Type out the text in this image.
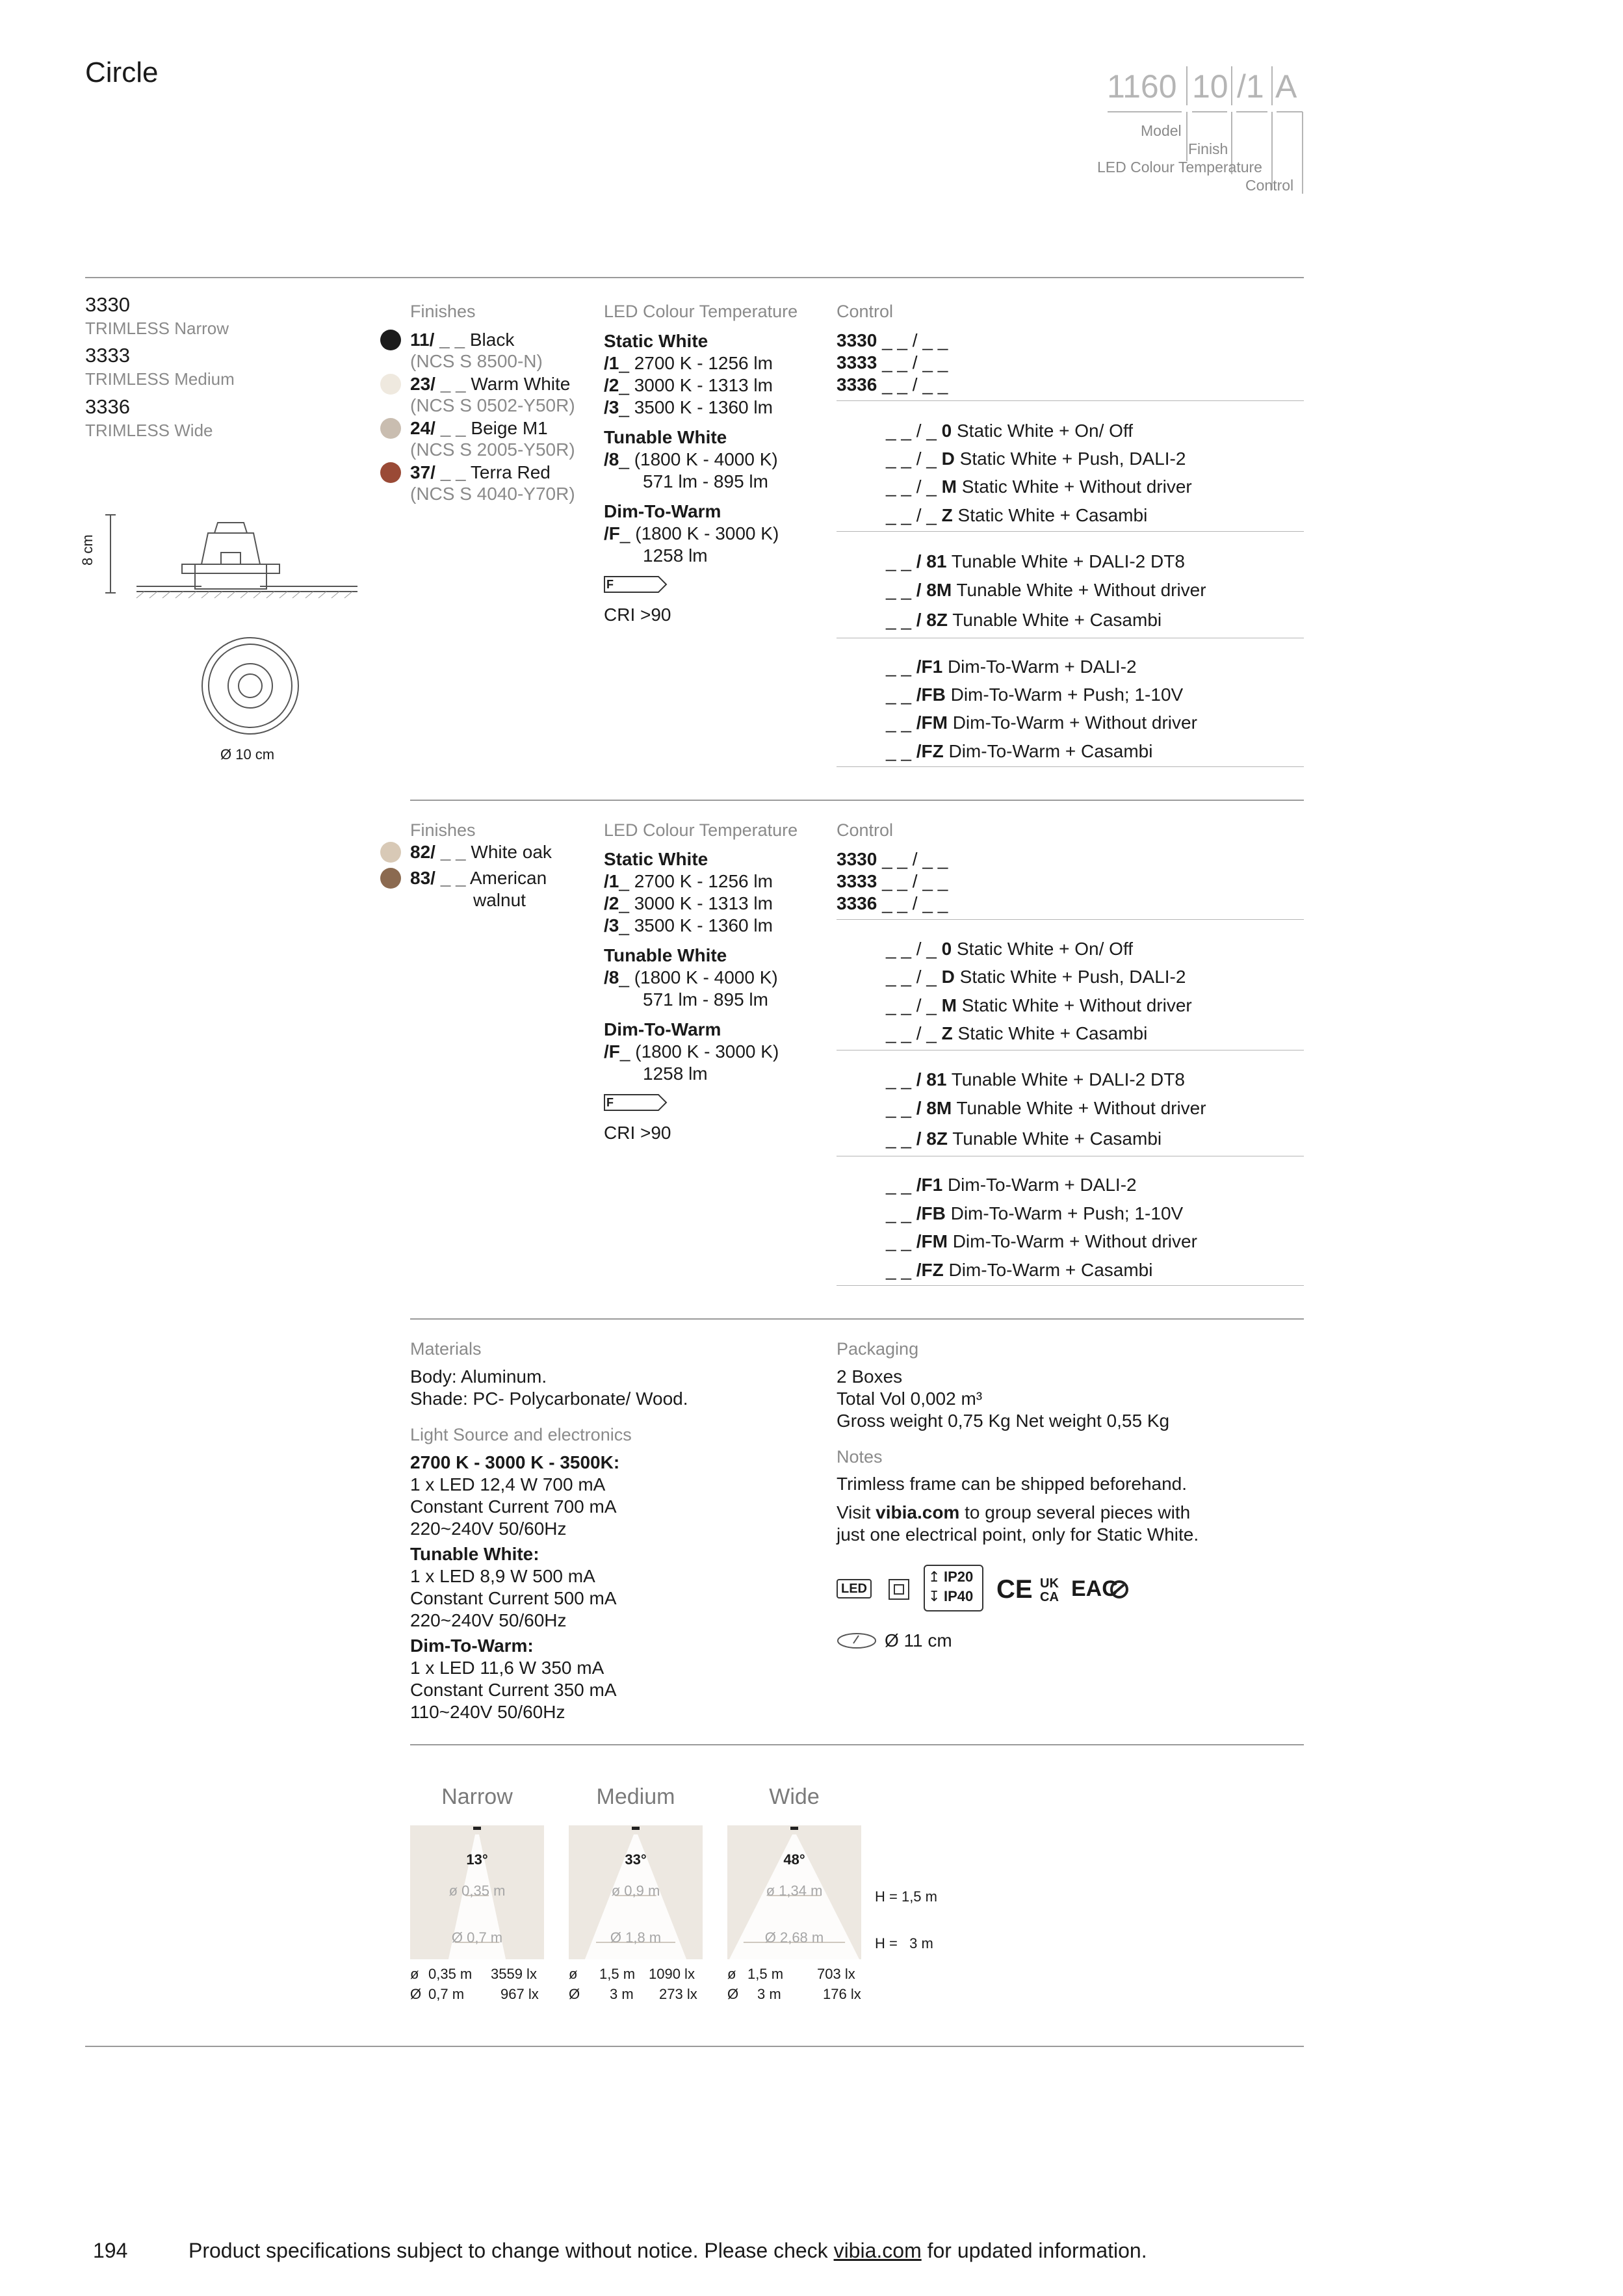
Circle	1160 10 /1 A
Model
Finish
LED Colour Temperature
Control
3330
TRIMLESS Narrow
3333
TRIMLESS Medium
3336
TRIMLESS Wide
8 cm
Ø 10 cm
Finishes
11/ _ _ Black
(NCS S 8500-N)
23/ _ _ Warm White
(NCS S 0502-Y50R)
24/ _ _ Beige M1
(NCS S 2005-Y50R)
37/ _ _ Terra Red
(NCS S 4040-Y70R)
LED Colour Temperature
Static White
/1_ 2700 K - 1256 lm
/2_ 3000 K - 1313 lm
/3_ 3500 K - 1360 lm
Tunable White
/8_ (1800 K - 4000 K)
571 lm - 895 lm
Dim-To-Warm
/F_ (1800 K - 3000 K)
1258 lm
F
CRI >90
Control
3330 _ _ / _ _
3333 _ _ / _ _
3336 _ _ / _ _
_ _ / _ 0 Static White + On/ Off
_ _ / _ D Static White + Push, DALI-2
_ _ / _ M Static White + Without driver
_ _ / _ Z Static White + Casambi
_ _ / 81 Tunable White + DALI-2 DT8
_ _ / 8M Tunable White + Without driver
_ _ / 8Z Tunable White + Casambi
_ _ /F1 Dim-To-Warm + DALI-2
_ _ /FB Dim-To-Warm + Push; 1-10V
_ _ /FM Dim-To-Warm + Without driver
_ _ /FZ Dim-To-Warm + Casambi
Finishes
82/ _ _ White oak
83/ _ _ American
walnut
LED Colour Temperature
Static White
/1_ 2700 K - 1256 lm
/2_ 3000 K - 1313 lm
/3_ 3500 K - 1360 lm
Tunable White
/8_ (1800 K - 4000 K)
571 lm - 895 lm
Dim-To-Warm
/F_ (1800 K - 3000 K)
1258 lm
F
CRI >90
Control
3330 _ _ / _ _
3333 _ _ / _ _
3336 _ _ / _ _
_ _ / _ 0 Static White + On/ Off
_ _ / _ D Static White + Push, DALI-2
_ _ / _ M Static White + Without driver
_ _ / _ Z Static White + Casambi
_ _ / 81 Tunable White + DALI-2 DT8
_ _ / 8M Tunable White + Without driver
_ _ / 8Z Tunable White + Casambi
_ _ /F1 Dim-To-Warm + DALI-2
_ _ /FB Dim-To-Warm + Push; 1-10V
_ _ /FM Dim-To-Warm + Without driver
_ _ /FZ Dim-To-Warm + Casambi
Materials
Body: Aluminum.
Shade: PC- Polycarbonate/ Wood.
Light Source and electronics
2700 K - 3000 K - 3500K:
1 x LED 12,4 W 700 mA
Constant Current 700 mA
220~240V 50/60Hz
Tunable White:
1 x LED 8,9 W 500 mA
Constant Current 500 mA
220~240V 50/60Hz
Dim-To-Warm:
1 x LED 11,6 W 350 mA
Constant Current 350 mA
110~240V 50/60Hz
Packaging
2 Boxes
Total Vol 0,002 m³
Gross weight 0,75 Kg Net weight 0,55 Kg
Notes
Trimless frame can be shipped beforehand.
Visit vibia.com to group several pieces with
just one electrical point, only for Static White.
LED
↥
↧
IP20
IP40 CE UK
CA EAC
Ø 11 cm
Narrow
13°
ø 0,35 m
Ø 0,7 m
Medium
33°
ø 0,9 m
Ø 1,8 m
Wide
48°
ø 1,34 m
Ø 2,68 m
H = 1,5 m
H =   3 m
ø 0,35 m 3559 lx
Ø 0,7 m	967 lx
ø 1,5 m 1090 lx
Ø 3 m 273 lx
ø 1,5 m 703 lx
Ø 3 m	176 lx
194	Product specifications subject to change without notice. Please check vibia.com for updated information.
